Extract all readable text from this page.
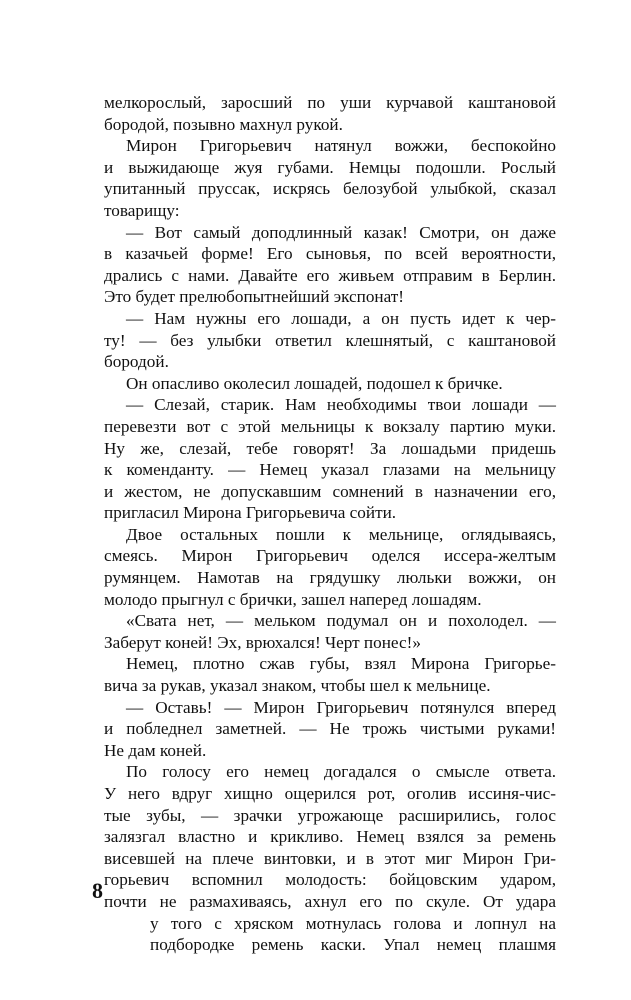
мелкорослый, заросший по уши курчавой каштановой
бородой, позывно махнул рукой.
Мирон Григорьевич натянул вожжи, беспокойно
и выжидающе жуя губами. Немцы подошли. Рослый
упитанный пруссак, искрясь белозубой улыбкой, сказал
товарищу:
— Вот самый доподлинный казак! Смотри, он даже
в казачьей форме! Его сыновья, по всей вероятности,
дрались с нами. Давайте его живьем отправим в Берлин.
Это будет прелюбопытнейший экспонат!
— Нам нужны его лошади, а он пусть идет к чер-
ту! — без улыбки ответил клешнятый, с каштановой
бородой.
Он опасливо околесил лошадей, подошел к бричке.
— Слезай, старик. Нам необходимы твои лошади —
перевезти вот с этой мельницы к вокзалу партию муки.
Ну же, слезай, тебе говорят! За лошадьми придешь
к коменданту. — Немец указал глазами на мельницу
и жестом, не допускавшим сомнений в назначении его,
пригласил Мирона Григорьевича сойти.
Двое остальных пошли к мельнице, оглядываясь,
смеясь. Мирон Григорьевич оделся иссера-желтым
румянцем. Намотав на грядушку люльки вожжи, он
молодо прыгнул с брички, зашел наперед лошадям.
«Свата нет, — мельком подумал он и похолодел. —
Заберут коней! Эх, врюхался! Черт понес!»
Немец, плотно сжав губы, взял Мирона Григорье-
вича за рукав, указал знаком, чтобы шел к мельнице.
— Оставь! — Мирон Григорьевич потянулся вперед
и побледнел заметней. — Не трожь чистыми руками!
Не дам коней.
По голосу его немец догадался о смысле ответа.
У него вдруг хищно ощерился рот, оголив иссиня-чис-
тые зубы, — зрачки угрожающе расширились, голос
залязгал властно и крикливо. Немец взялся за ремень
висевшей на плече винтовки, и в этот миг Мирон Гри-
горьевич вспомнил молодость: бойцовским ударом,
почти не размахиваясь, ахнул его по скуле. От удара
у того с хряском мотнулась голова и лопнул на
подбородке ремень каски. Упал немец плашмя
8
